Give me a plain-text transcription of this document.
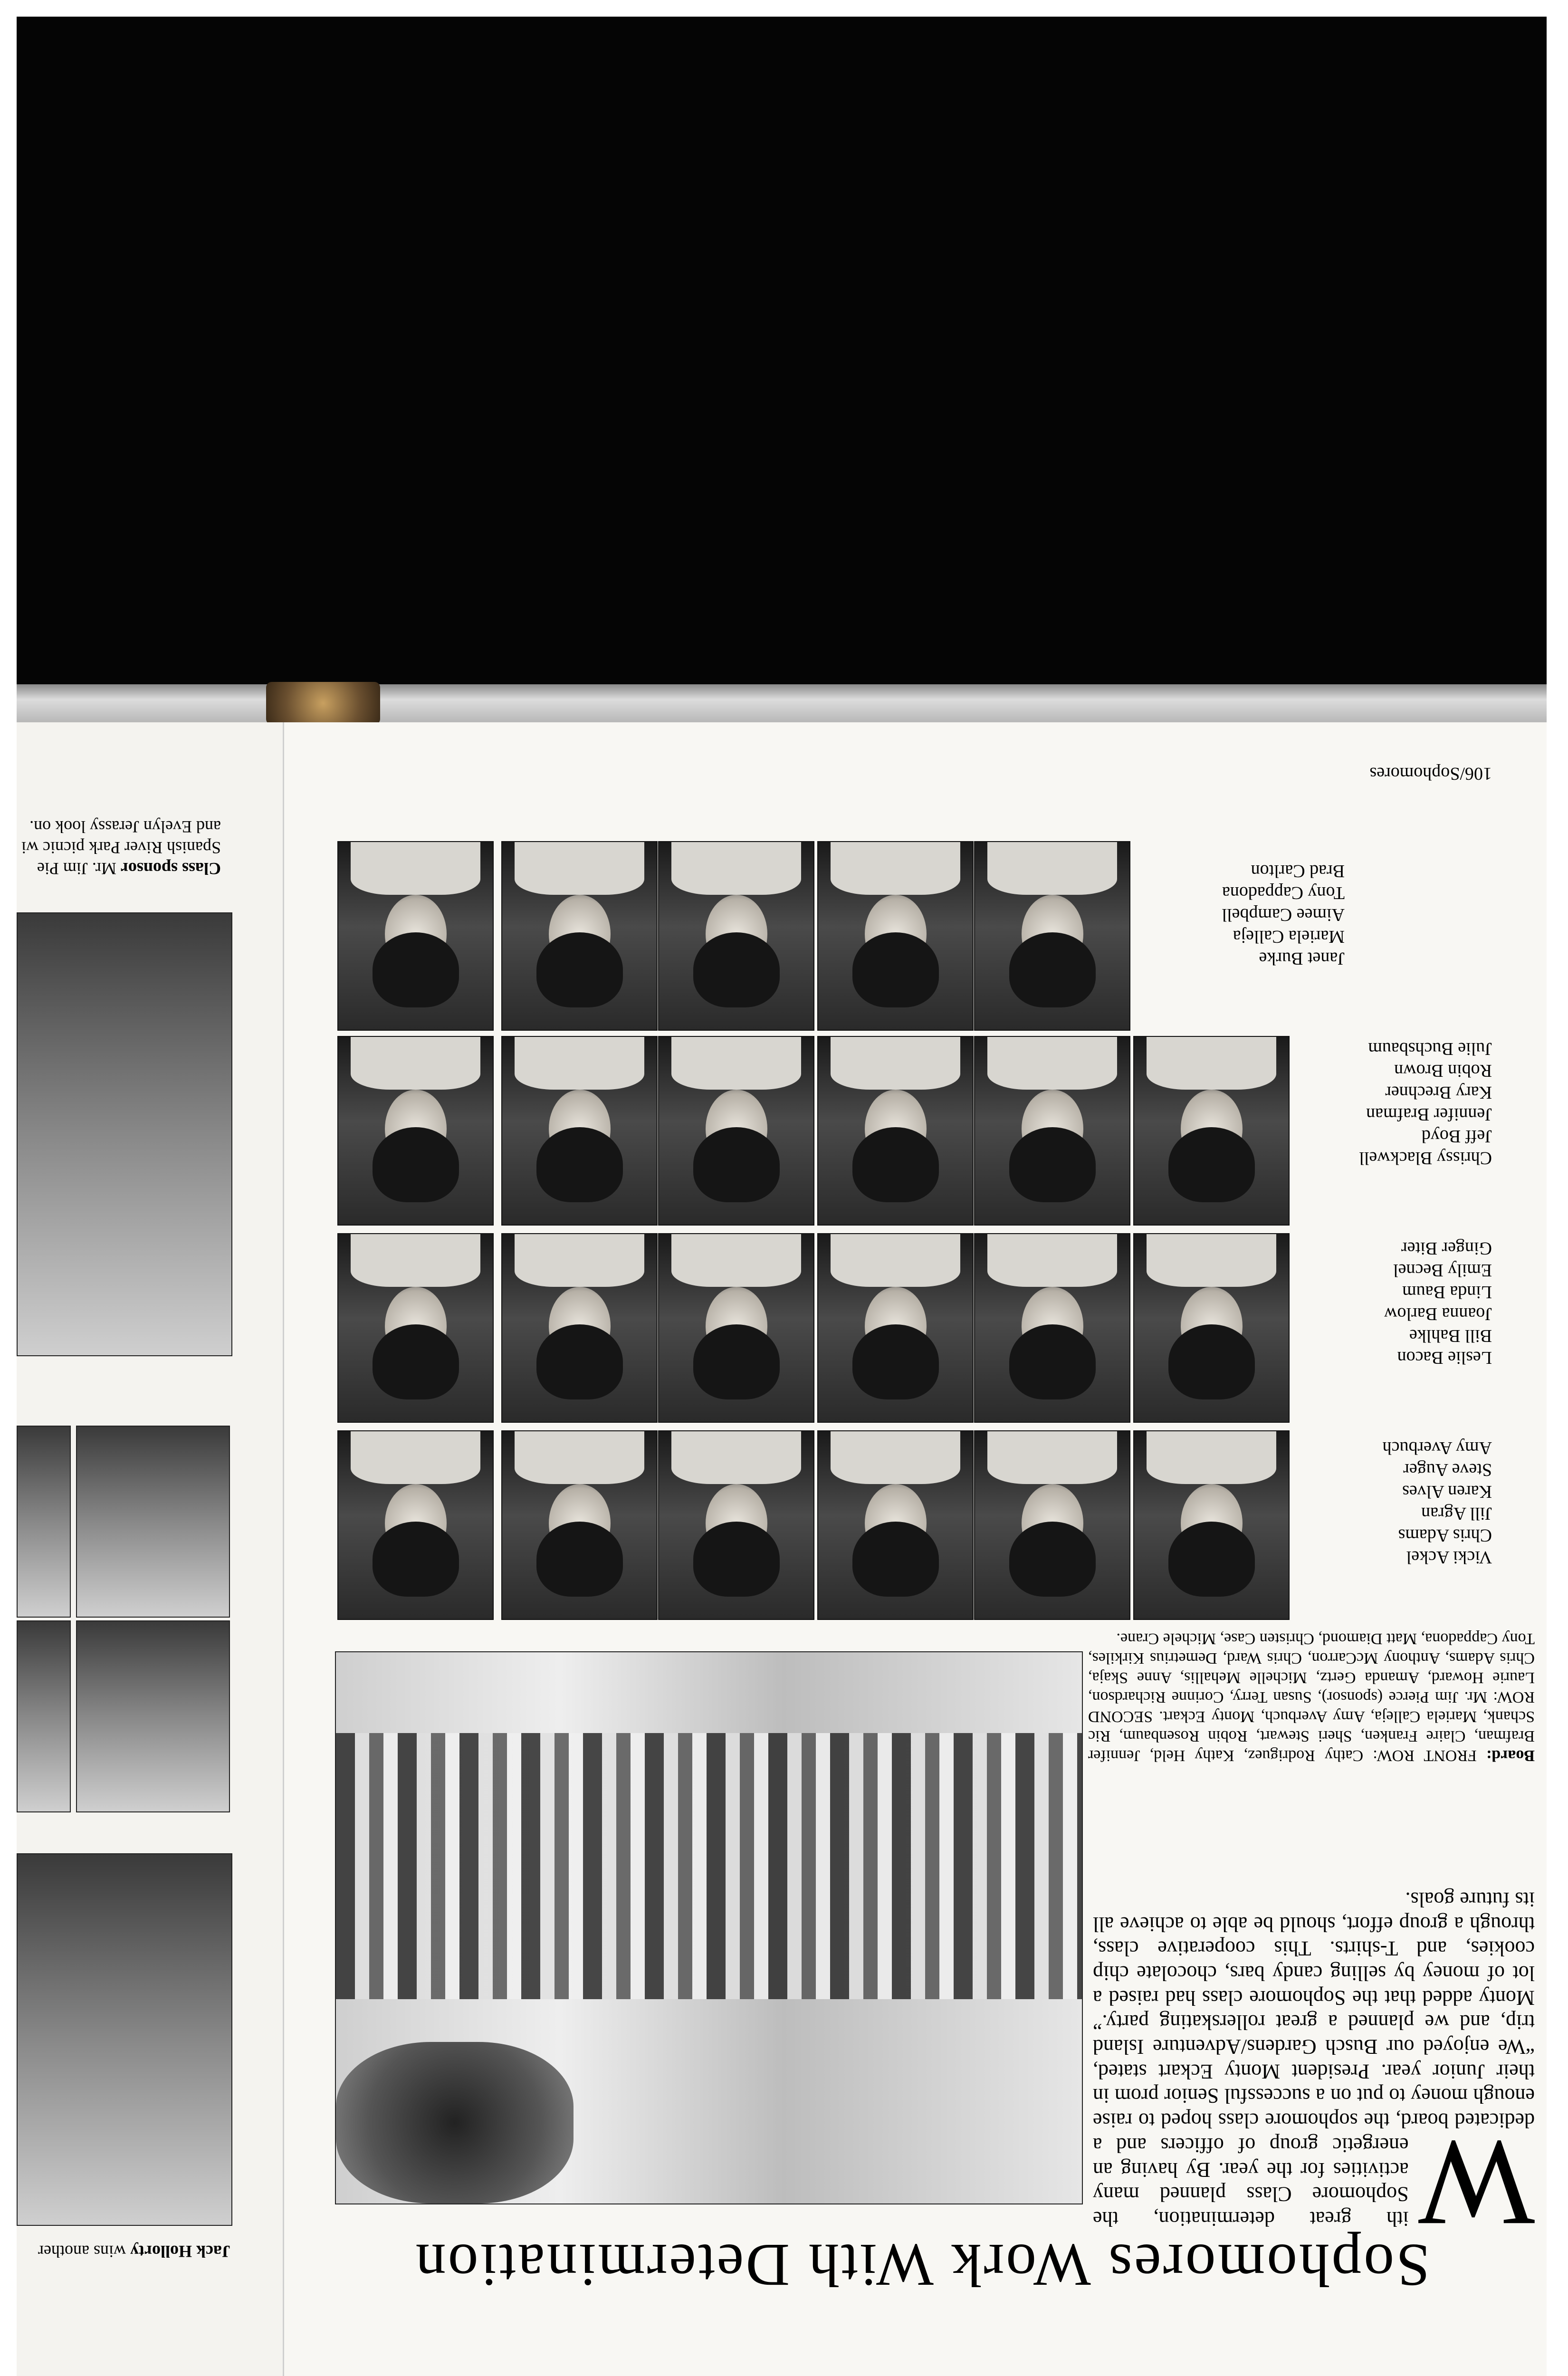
Class sponsor Mr. Jim Pie
Spanish River Park picnic wi
and Evelyn Jerassy look on.
Jack Hollorty wins another
106/Sophomores
Vicki Ackel
Chris Adams
Jill Agran
Karen Alves
Steve Auger
Amy Averbuch
Leslie Bacon
Bill Bahlke
Joanna Barlow
Linda Baum
Emily Becnel
Ginger Biter
Chrissy Blackwell
Jeff Boyd
Jennifer Brafman
Kary Brechner
Robin Brown
Julie Buchsbaum
Janet Burke
Mariela Calleja
Aimee Campbell
Tony Cappadona
Brad Carlton
Board: FRONT ROW: Cathy Rodriguez, Kathy Held, Jennifer Brafman, Claire Franken, Sheri Stewart, Robin Rosenbaum, Ric Schank, Mariela Calleja, Amy Averbuch, Monty Eckart. SECOND ROW: Mr. Jim Pierce (sponsor), Susan Terry, Corinne Richardson, Laurie Howard, Amanda Gertz, Michelle Mehallis, Anne Skaja, Chris Adams, Anthony McCarron, Chris Ward, Demetrius Kirkiles, Tony Cappadona, Matt Diamond, Christen Case, Michele Crane.
W
ith great determination, the Sophomore Class planned many activities for the year. By having an energetic group of officers and a dedicated board, the sophomore class hoped to raise enough money to put on a successful Senior prom in their Junior year. President Monty Eckart stated, “We enjoyed our Busch Gardens/Adventure Island trip, and we planned a great rollerskating party.” Monty added that the Sophomore class had raised a lot of money by selling candy bars, chocolate chip cookies, and T-shirts. This cooperative class, through a group effort, should be able to achieve all its future goals.
Sophomores Work With Determination
